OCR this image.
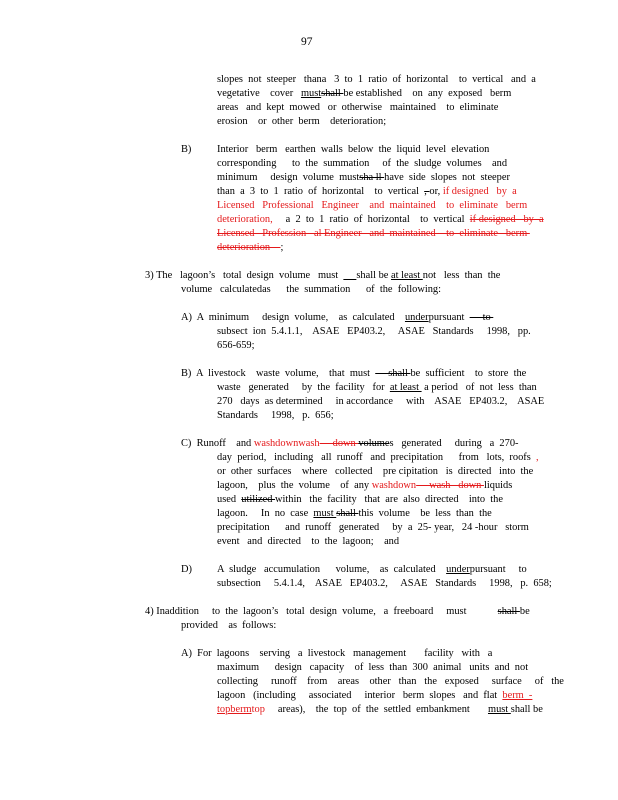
97
slopes  not  steeper   thana   3  to  1  ratio  of  horizontal    to  vertical   and  a
vegetative    cover   mustshall be established    on  any  exposed   berm
areas   and  kept  mowed   or  otherwise   maintained    to  eliminate
erosion    or  other  berm    deterioration;
B) Interior   berm   earthen  walls  below  the  liquid  level  elevation
corresponding      to  the  summation     of  the  sludge  volumes    and
minimum     design  volume  mustsha ll have  side  slopes  not  steeper
than  a  3  to  1  ratio  of  horizontal    to  vertical  , or, if designed   by  a
Licensed   Professional   Engineer    and  maintained    to  eliminate   berm
deterioration,     a  2  to  1  ratio  of  horizontal    to  vertical  if designed   by  a
Licensed   Profession   al Engineer   and  maintained    to  eliminate   berm
deterioration    ;
3) The   lagoon’s   total  design  volume   must       shall be at least not   less  than  the
volume   calculatedas      the  summation      of  the  following:
A)  A  minimum     design  volume,    as  calculated    underpursuant       to
subsect  ion  5.4.1.1,    ASAE   EP403.2,     ASAE   Standards     1998,   pp.
656-659;
B)  A  livestock    waste  volume,    that  must       shall be  sufficient    to  store  the
waste   generated     by  the  facility   for  at least  a period   of  not  less  than
270   days  as determined     in accordance     with    ASAE   EP403.2,    ASAE
Standards     1998,   p.  656;
C)  Runoff    and washdownwash     down volumes   generated     during   a  270-
day  period,   including   all  runoff   and  precipitation      from   lots,  roofs  ,
or  other  surfaces    where   collected    pre cipitation   is  directed   into  the
lagoon,    plus  the  volume    of  any washdown     wash   down liquids
used  utilized within   the  facility   that  are  also  directed    into  the
lagoon.     In  no  case  must shall this  volume    be  less  than  the
precipitation      and  runoff   generated     by  a  25- year,   24 -hour   storm
event   and  directed    to  the  lagoon;    and
D) A  sludge   accumulation      volume,    as  calculated    underpursuant     to
subsection     5.4.1.4,    ASAE   EP403.2,     ASAE   Standards     1998,   p.  658;
4) Inaddition     to  the  lagoon’s   total  design  volume,   a  freeboard     must            shall be
provided    as  follows:
A)  For  lagoons    serving   a  livestock   management       facility   with   a
maximum      design   capacity    of  less  than  300  animal   units  and  not
collecting     runoff    from    areas    other   than   the   exposed     surface     of   the
lagoon   (including     associated     interior   berm  slopes   and  flat  berm  -
topbermtop     areas),    the  top  of  the  settled  embankment       must shall be
